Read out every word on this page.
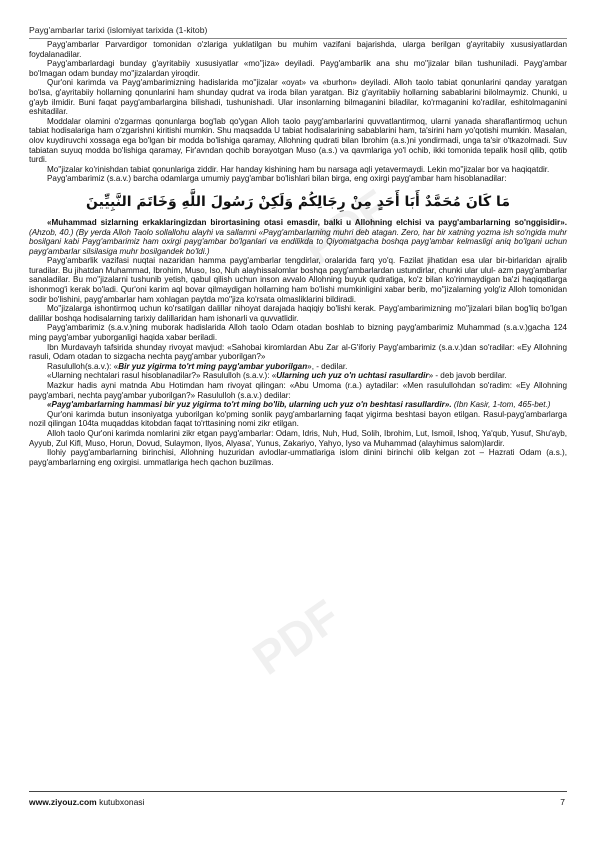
PDF
PDF
Payg'ambarlar tarixi (islomiyat tarixida (1-kitob)

Payg'ambarlar Parvardigor tomonidan o'zlariga yuklatilgan bu muhim vazifani bajarishda, ularga berilgan g'ayritabiiy xususiyatlardan foydalanadilar.

Payg'ambarlardagi bunday g'ayritabiiy xususiyatlar «mo''jiza» deyiladi. Payg'ambarlik ana shu mo''jizalar bilan tushuniladi. Payg'ambar bo'lmagan odam bunday mo''jizalardan yiroqdir.

Qur'oni karimda va Payg'ambarimizning hadislarida mo''jizalar «oyat» va «burhon» deyiladi. Alloh taolo tabiat qonunlarini qanday yaratgan bo'lsa, g'ayritabiiy hollarning qonunlarini ham shunday qudrat va iroda bilan yaratgan. Biz g'ayritabiiy hollarning sabablarini bilolmaymiz. Chunki, u g'ayb ilmidir. Buni faqat payg'ambarlargina bilishadi, tushunishadi. Ular insonlarning bilmaganini biladilar, ko'rmaganini ko'radilar, eshitolmaganini eshitadilar.

Moddalar olamini o'zgarmas qonunlarga bog'lab qo'ygan Alloh taolo payg'ambarlarini quvvatlantirmoq, ularni yanada sharaflantirmoq uchun tabiat hodisalariga ham o'zgarishni kiritishi mumkin. Shu maqsadda U tabiat hodisalarining sabablarini ham, ta'sirini ham yo'qotishi mumkin. Masalan, olov kuydiruvchi xossaga ega bo'lgan bir modda bo'lishiga qaramay, Allohning qudrati bilan Ibrohim (a.s.)ni yondirmadi, unga ta'sir o'tkazolmadi. Suv tabiatan suyuq modda bo'lishiga qaramay, Fir'avndan qochib borayotgan Muso (a.s.) va qavmlariga yo'l ochib, ikki tomonida tepalik hosil qilib, qotib turdi.

Mo''jizalar ko'rinishdan tabiat qonunlariga ziddir. Har handay kishining ham bu narsaga aqli yetavermaydi. Lekin mo''jizalar bor va haqiqatdir.

Payg'ambarimiz (s.a.v.) barcha odamlarga umumiy payg'ambar bo'lishlari bilan birga, eng oxirgi payg'ambar ham hisoblanadilar:

مَا كَانَ مُحَمَّدٌ أَبَا أَحَدٍ مِنْ رِجَالِكُمْ وَلَكِنْ رَسُولَ اللَّهِ وَخَاتَمَ النَّبِيِّينَ

«Muhammad sizlarning erkaklaringizdan birortasining otasi emasdir, balki u Allohning elchisi va payg'ambarlarning so'nggisidir». (Ahzob, 40.) (By yerda Alloh Taolo sollallohu alayhi va sallamni «Payg'ambarlarning muhri deb atagan. Zero, har bir xatning yozma ish so'ngida muhr bosilgani kabi Payg'ambarimiz ham oxirgi payg'ambar bo'lganlari va endilikda to Qiyomatgacha boshqa payg'ambar kelmasligi aniq bo'lgani uchun payg'ambarlar silsilasiga muhr bosilgandek bo'ldi.)

Payg'ambarlik vazifasi nuqtai nazaridan hamma payg'ambarlar tengdirlar, oralarida farq yo'q. Fazilat jihatidan esa ular bir-birlaridan ajralib turadilar. Bu jihatdan Muhammad, Ibrohim, Muso, Iso, Nuh alayhissalomlar boshqa payg'ambarlardan ustundirlar, chunki ular ulul- azm payg'ambarlar sanaladilar. Bu mo''jizalarni tushunib yetish, qabul qilish uchun inson avvalo Allohning buyuk qudratiga, ko'z bilan ko'rinmaydigan ba'zi haqiqatlarga ishonmog'i kerak bo'ladi. Qur'oni karim aql bovar qilmaydigan hollarning ham bo'lishi mumkinligini xabar berib, mo''jizalarning yolg'iz Alloh tomonidan sodir bo'lishini, payg'ambarlar ham xohlagan paytda mo''jiza ko'rsata olmasliklarini bildiradi.

Mo''jizalarga ishontirmoq uchun ko'rsatilgan dalillar nihoyat darajada haqiqiy bo'lishi kerak. Payg'ambarimizning mo''jizalari bilan bog'liq bo'lgan dalillar boshqa hodisalarning tarixiy dalillaridan ham ishonarli va quvvatlidir.

Payg'ambarimiz (s.a.v.)ning muborak hadislarida Alloh taolo Odam otadan boshlab to bizning payg'ambarimiz Muhammad (s.a.v.)gacha 124 ming payg'ambar yuborganligi haqida xabar beriladi.

Ibn Murdavayh tafsirida shunday rivoyat mavjud: «Sahobai kiromlardan Abu Zar al-G'iforiy Payg'ambarimiz (s.a.v.)dan so'radilar: «Ey Allohning rasuli, Odam otadan to sizgacha nechta payg'ambar yuborilgan?»

Rasululloh(s.a.v.): «Bir yuz yigirma to'rt ming payg'ambar yuborilgan», - dedilar.

«Ularning nechtalari rasul hisoblanadilar?» Rasululloh (s.a.v.): «Ularning uch yuz o'n uchtasi rasullardir» - deb javob berdilar.

Mazkur hadis ayni matnda Abu Hotimdan ham rivoyat qilingan: «Abu Umoma (r.a.) aytadilar: «Men rasulullohdan so'radim: «Ey Allohning payg'ambari, nechta payg'ambar yuborilgan?» Rasululloh (s.a.v.) dedilar:

«Payg'ambarlarning hammasi bir yuz yigirma to'rt ming bo'lib, ularning uch yuz o'n beshtasi rasullardir». (Ibn Kasir, 1-tom, 465-bet.)

Qur'oni karimda butun insoniyatga yuborilgan ko'pming sonlik payg'ambarlarning faqat yigirma beshtasi bayon etilgan. Rasul-payg'ambarlarga nozil qilingan 104ta muqaddas kitobdan faqat to'rttasining nomi zikr etilgan.

Alloh taolo Qur'oni karimda nomlarini zikr etgan payg'ambarlar: Odam, Idris, Nuh, Hud, Solih, Ibrohim, Lut, Ismoil, Ishoq, Ya'qub, Yusuf, Shu'ayb, Ayyub, Zul Kifl, Muso, Horun, Dovud, Sulaymon, Ilyos, Alyasa', Yunus, Zakariyo, Yahyo, Iyso va Muhammad (alayhimus salom)lardir.

Ilohiy payg'ambarlarning birinchisi, Allohning huzuridan avlodlar-ummatlariga islom dinini birinchi olib kelgan zot – Hazrati Odam (a.s.), payg'ambarlarning eng oxirgisi. ummatlariga hech qachon buzilmas.

www.ziyouz.com kutubxonasi	7
